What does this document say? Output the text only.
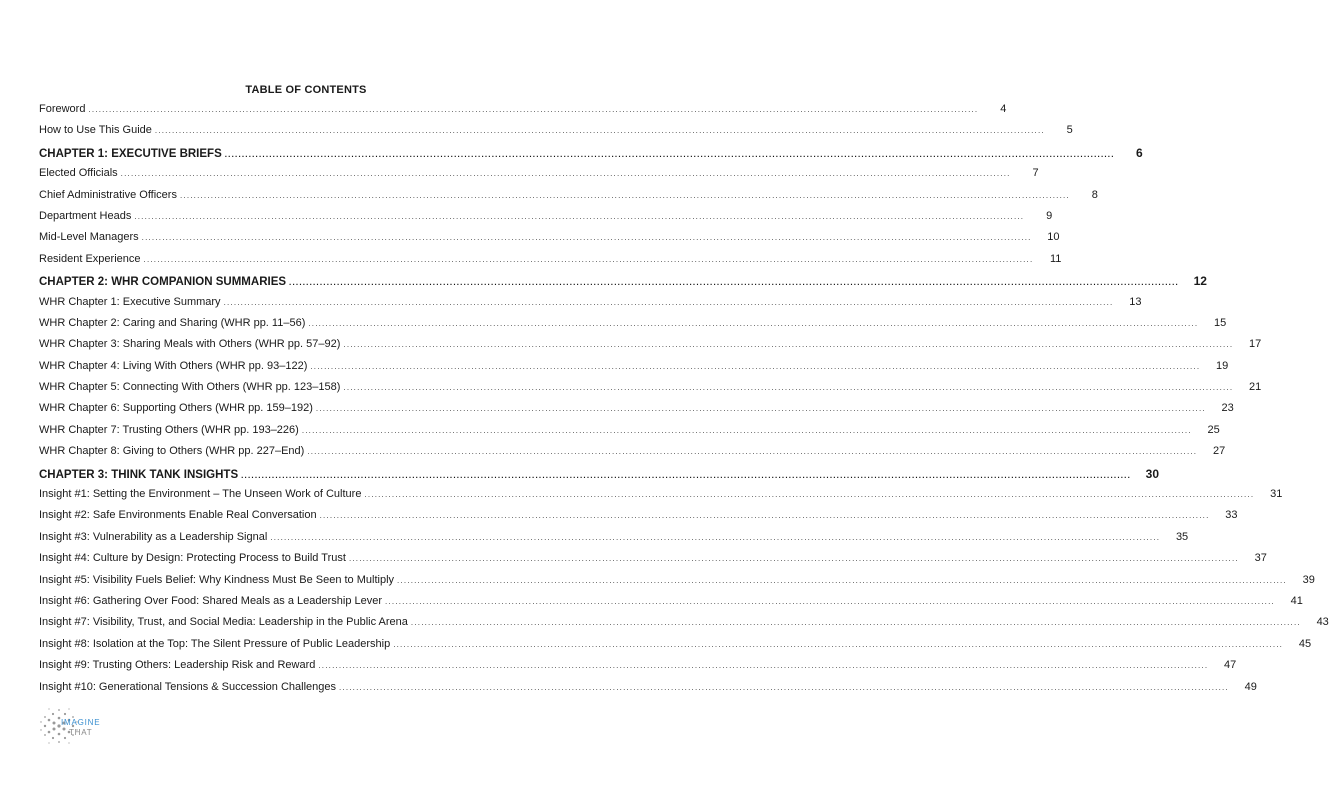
TABLE OF CONTENTS
Foreword ....................................................................................................................................................................................................................................................................	4
How to Use This Guide ....................................................................................................................................................................................................................................................................	5
CHAPTER 1: EXECUTIVE BRIEFS ....................................................................................................................................................................................................................................................................	6
Elected Officials ....................................................................................................................................................................................................................................................................	7
Chief Administrative Officers ....................................................................................................................................................................................................................................................................	8
Department Heads ....................................................................................................................................................................................................................................................................	9
Mid-Level Managers ....................................................................................................................................................................................................................................................................	10
Resident Experience ....................................................................................................................................................................................................................................................................	11
CHAPTER 2: WHR COMPANION SUMMARIES ....................................................................................................................................................................................................................................................................	12
WHR Chapter 1: Executive Summary ....................................................................................................................................................................................................................................................................	13
WHR Chapter 2: Caring and Sharing (WHR pp. 11–56) ....................................................................................................................................................................................................................................................................	15
WHR Chapter 3: Sharing Meals with Others (WHR pp. 57–92) ....................................................................................................................................................................................................................................................................	17
WHR Chapter 4: Living With Others (WHR pp. 93–122) ....................................................................................................................................................................................................................................................................	19
WHR Chapter 5: Connecting With Others (WHR pp. 123–158) ....................................................................................................................................................................................................................................................................	21
WHR Chapter 6: Supporting Others (WHR pp. 159–192) ....................................................................................................................................................................................................................................................................	23
WHR Chapter 7: Trusting Others (WHR pp. 193–226) ....................................................................................................................................................................................................................................................................	25
WHR Chapter 8: Giving to Others (WHR pp. 227–End) ....................................................................................................................................................................................................................................................................	27
CHAPTER 3: THINK TANK INSIGHTS ....................................................................................................................................................................................................................................................................	30
Insight #1: Setting the Environment – The Unseen Work of Culture ....................................................................................................................................................................................................................................................................	31
Insight #2: Safe Environments Enable Real Conversation ....................................................................................................................................................................................................................................................................	33
Insight #3: Vulnerability as a Leadership Signal ....................................................................................................................................................................................................................................................................	35
Insight #4: Culture by Design: Protecting Process to Build Trust ....................................................................................................................................................................................................................................................................	37
Insight #5: Visibility Fuels Belief: Why Kindness Must Be Seen to Multiply ....................................................................................................................................................................................................................................................................	39
Insight #6: Gathering Over Food: Shared Meals as a Leadership Lever ....................................................................................................................................................................................................................................................................	41
Insight #7: Visibility, Trust, and Social Media: Leadership in the Public Arena ....................................................................................................................................................................................................................................................................	43
Insight #8: Isolation at the Top: The Silent Pressure of Public Leadership ....................................................................................................................................................................................................................................................................	45
Insight #9: Trusting Others: Leadership Risk and Reward ....................................................................................................................................................................................................................................................................	47
Insight #10: Generational Tensions & Succession Challenges ....................................................................................................................................................................................................................................................................	49
IMAGINE
THAT
